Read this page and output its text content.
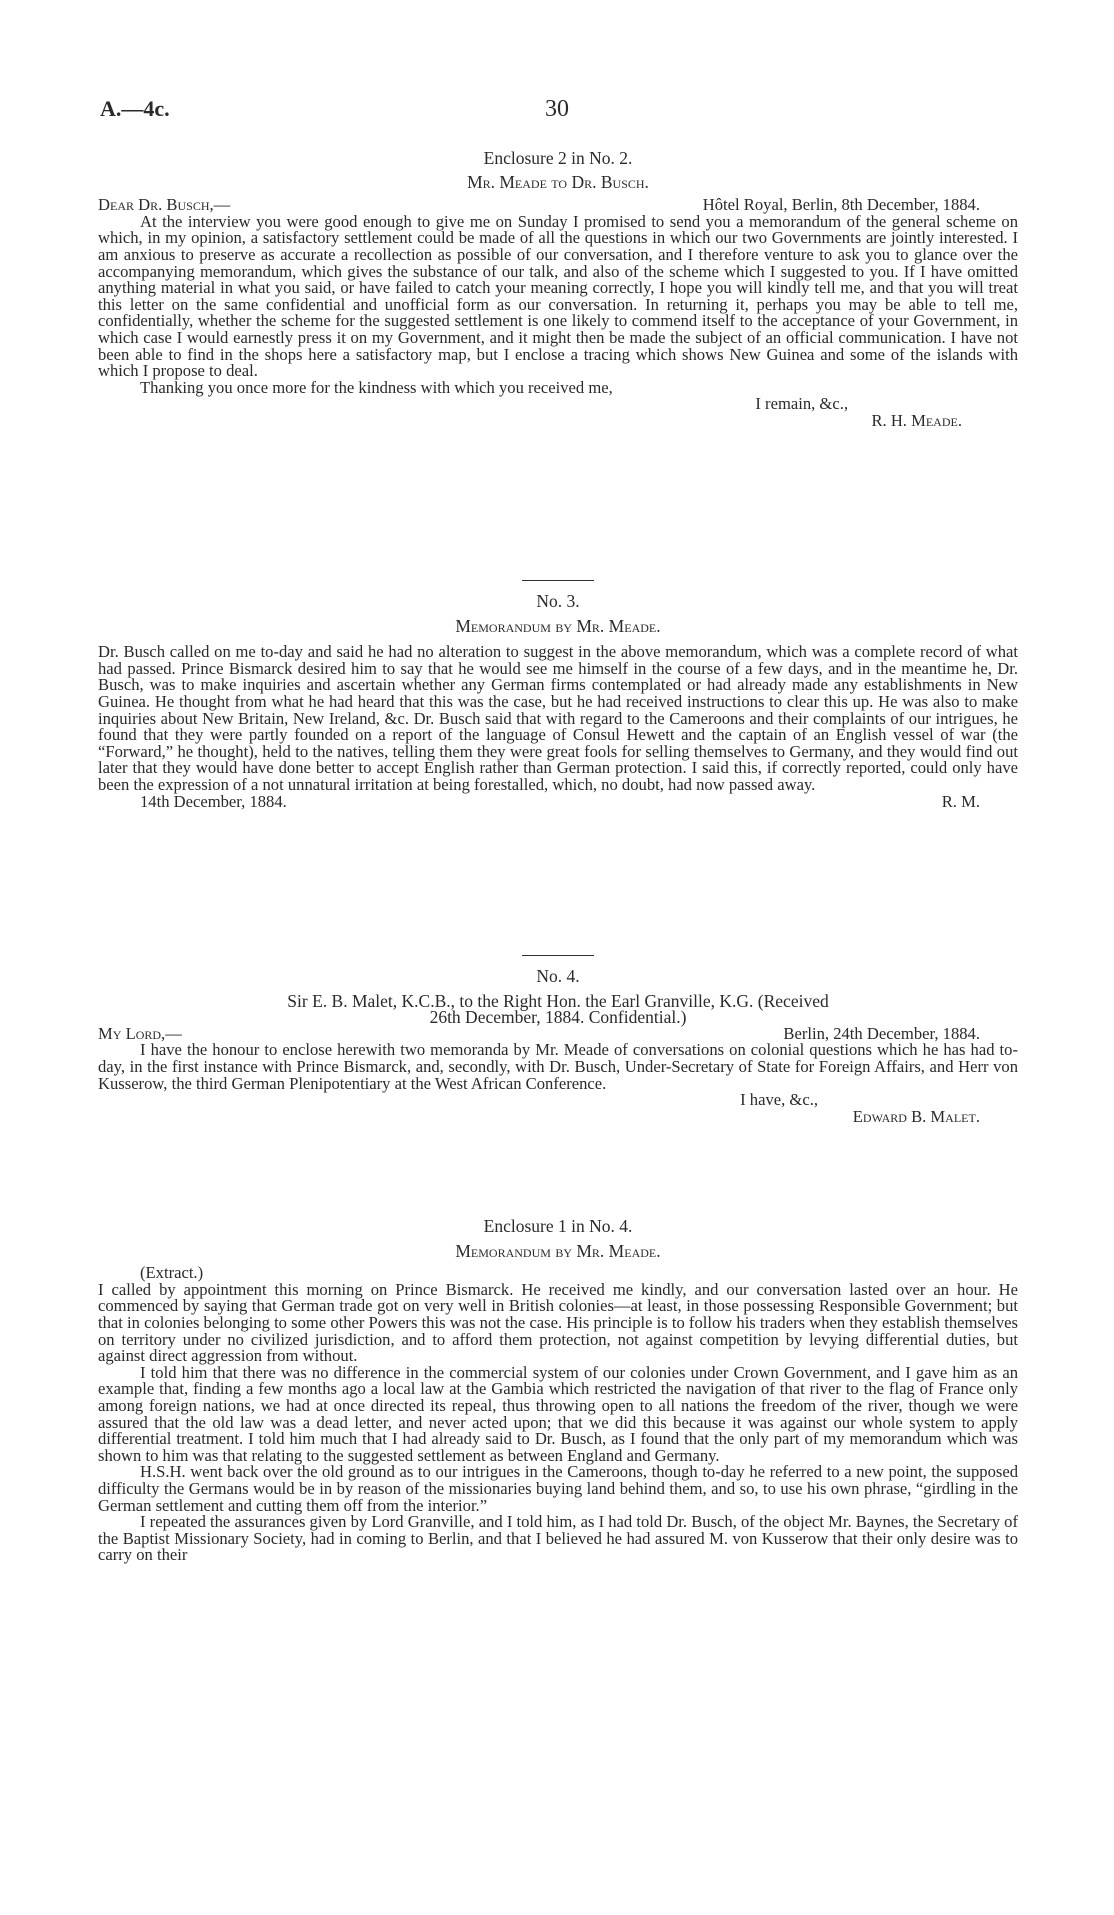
A.—4c.	30

Enclosure 2 in No. 2.

Mr. Meade to Dr. Busch.

Dear Dr. Busch,—	Hôtel Royal, Berlin, 8th December, 1884.

At the interview you were good enough to give me on Sunday I promised to send you a memorandum of the general scheme on which, in my opinion, a satisfactory settlement could be made of all the questions in which our two Governments are jointly interested. I am anxious to preserve as accurate a recollection as possible of our conversation, and I therefore venture to ask you to glance over the accompanying memorandum, which gives the substance of our talk, and also of the scheme which I suggested to you. If I have omitted anything material in what you said, or have failed to catch your meaning correctly, I hope you will kindly tell me, and that you will treat this letter on the same confidential and unofficial form as our conversation. In returning it, perhaps you may be able to tell me, confidentially, whether the scheme for the suggested settlement is one likely to commend itself to the acceptance of your Government, in which case I would earnestly press it on my Government, and it might then be made the subject of an official communication. I have not been able to find in the shops here a satisfactory map, but I enclose a tracing which shows New Guinea and some of the islands with which I propose to deal.

Thanking you once more for the kindness with which you received me,

I remain, &c.,

R. H. Meade.

No. 3.

Memorandum by Mr. Meade.

Dr. Busch called on me to-day and said he had no alteration to suggest in the above memorandum, which was a complete record of what had passed. Prince Bismarck desired him to say that he would see me himself in the course of a few days, and in the meantime he, Dr. Busch, was to make inquiries and ascertain whether any German firms contemplated or had already made any establishments in New Guinea. He thought from what he had heard that this was the case, but he had received instructions to clear this up. He was also to make inquiries about New Britain, New Ireland, &c. Dr. Busch said that with regard to the Cameroons and their complaints of our intrigues, he found that they were partly founded on a report of the language of Consul Hewett and the captain of an English vessel of war (the “Forward,” he thought), held to the natives, telling them they were great fools for selling themselves to Germany, and they would find out later that they would have done better to accept English rather than German protection. I said this, if correctly reported, could only have been the expression of a not unnatural irritation at being forestalled, which, no doubt, had now passed away.

14th December, 1884.	R. M.

No. 4.

Sir E. B. Malet, K.C.B., to the Right Hon. the Earl Granville, K.G. (Received

26th December, 1884. Confidential.)

My Lord,—	Berlin, 24th December, 1884.

I have the honour to enclose herewith two memoranda by Mr. Meade of conversations on colonial questions which he has had to-day, in the first instance with Prince Bismarck, and, secondly, with Dr. Busch, Under-Secretary of State for Foreign Affairs, and Herr von Kusserow, the third German Plenipotentiary at the West African Conference.

I have, &c.,

Edward B. Malet.

Enclosure 1 in No. 4.

Memorandum by Mr. Meade.

(Extract.)

I called by appointment this morning on Prince Bismarck. He received me kindly, and our conversation lasted over an hour. He commenced by saying that German trade got on very well in British colonies—at least, in those possessing Responsible Government; but that in colonies belonging to some other Powers this was not the case. His principle is to follow his traders when they establish themselves on territory under no civilized jurisdiction, and to afford them protection, not against competition by levying differential duties, but against direct aggression from without.

I told him that there was no difference in the commercial system of our colonies under Crown Government, and I gave him as an example that, finding a few months ago a local law at the Gambia which restricted the navigation of that river to the flag of France only among foreign nations, we had at once directed its repeal, thus throwing open to all nations the freedom of the river, though we were assured that the old law was a dead letter, and never acted upon; that we did this because it was against our whole system to apply differential treatment. I told him much that I had already said to Dr. Busch, as I found that the only part of my memorandum which was shown to him was that relating to the suggested settlement as between England and Germany.

H.S.H. went back over the old ground as to our intrigues in the Cameroons, though to-day he referred to a new point, the supposed difficulty the Germans would be in by reason of the missionaries buying land behind them, and so, to use his own phrase, “girdling in the German settlement and cutting them off from the interior.”

I repeated the assurances given by Lord Granville, and I told him, as I had told Dr. Busch, of the object Mr. Baynes, the Secretary of the Baptist Missionary Society, had in coming to Berlin, and that I believed he had assured M. von Kusserow that their only desire was to carry on their
